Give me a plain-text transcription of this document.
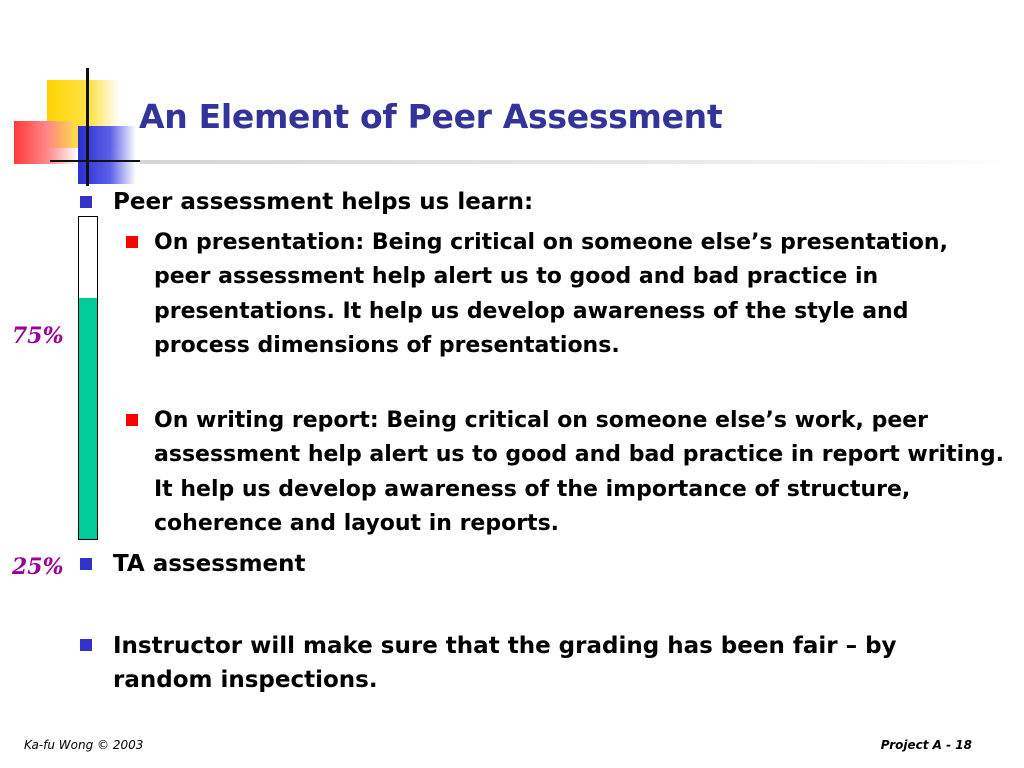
An Element of Peer Assessment
75%
25%
Peer assessment helps us learn:
On presentation: Being critical on someone else’s presentation, peer assessment help alert us to good and bad practice in presentations. It help us develop awareness of the style and process dimensions of presentations.
On writing report: Being critical on someone else’s work, peer assessment help alert us to good and bad practice in report writing. It help us develop awareness of the importance of structure, coherence and layout in reports.
TA assessment
Instructor will make sure that the grading has been fair – by random inspections.
Ka-fu Wong © 2003	Project A - 18
